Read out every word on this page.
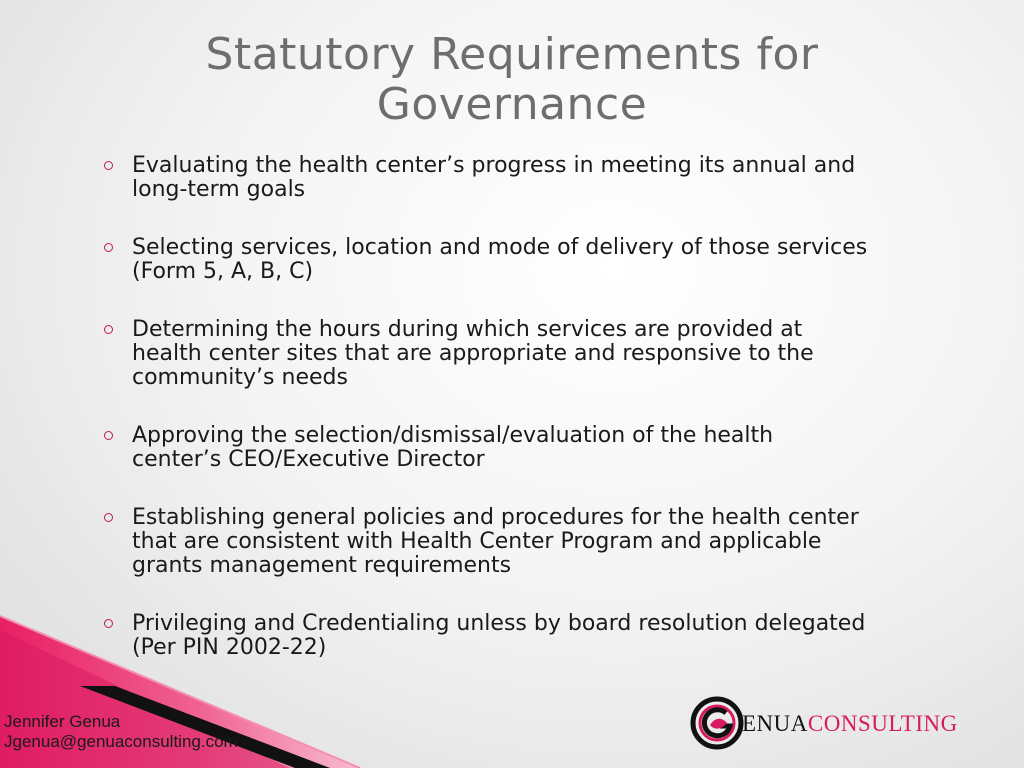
Statutory Requirements for
Governance
Evaluating the health center’s progress in meeting its annual and
long-term goals
Selecting services, location and mode of delivery of those services
(Form 5, A, B, C)
Determining the hours during which services are provided at
health center sites that are appropriate and responsive to the
community’s needs
Approving the selection/dismissal/evaluation of the health
center’s CEO/Executive Director
Establishing general policies and procedures for the health center
that are consistent with Health Center Program and applicable
grants management requirements
Privileging and Credentialing unless by board resolution delegated
(Per PIN 2002-22)
Jennifer Genua
Jgenua@genuaconsulting.com
ENUACONSULTING
